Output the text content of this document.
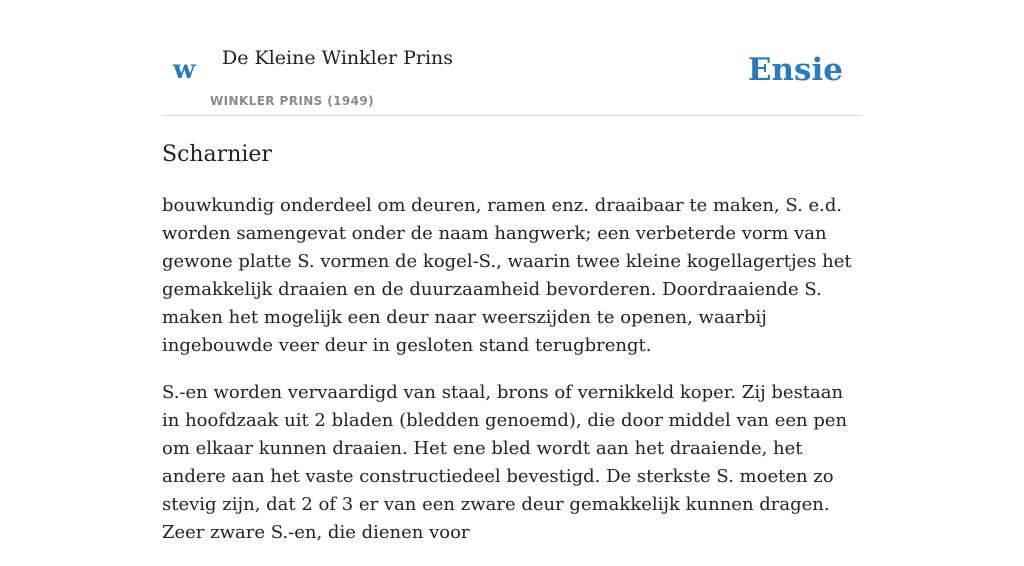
w De Kleine Winkler Prins
WINKLER PRINS (1949)
Ensie
Scharnier

bouwkundig onderdeel om deuren, ramen enz. draaibaar te maken, S. e.d. worden samengevat onder de naam hangwerk; een verbeterde vorm van gewone platte S. vormen de kogel-S., waarin twee kleine kogellagertjes het gemakkelijk draaien en de duurzaamheid bevorderen. Doordraaiende S. maken het mogelijk een deur naar weerszijden te openen, waarbij ingebouwde veer deur in gesloten stand terugbrengt.

S.-en worden vervaardigd van staal, brons of vernikkeld koper. Zij bestaan in hoofdzaak uit 2 bladen (bledden genoemd), die door middel van een pen om elkaar kunnen draaien. Het ene bled wordt aan het draaiende, het andere aan het vaste constructiedeel bevestigd. De sterkste S. moeten zo stevig zijn, dat 2 of 3 er van een zware deur gemakkelijk kunnen dragen. Zeer zware S.-en, die dienen voor
